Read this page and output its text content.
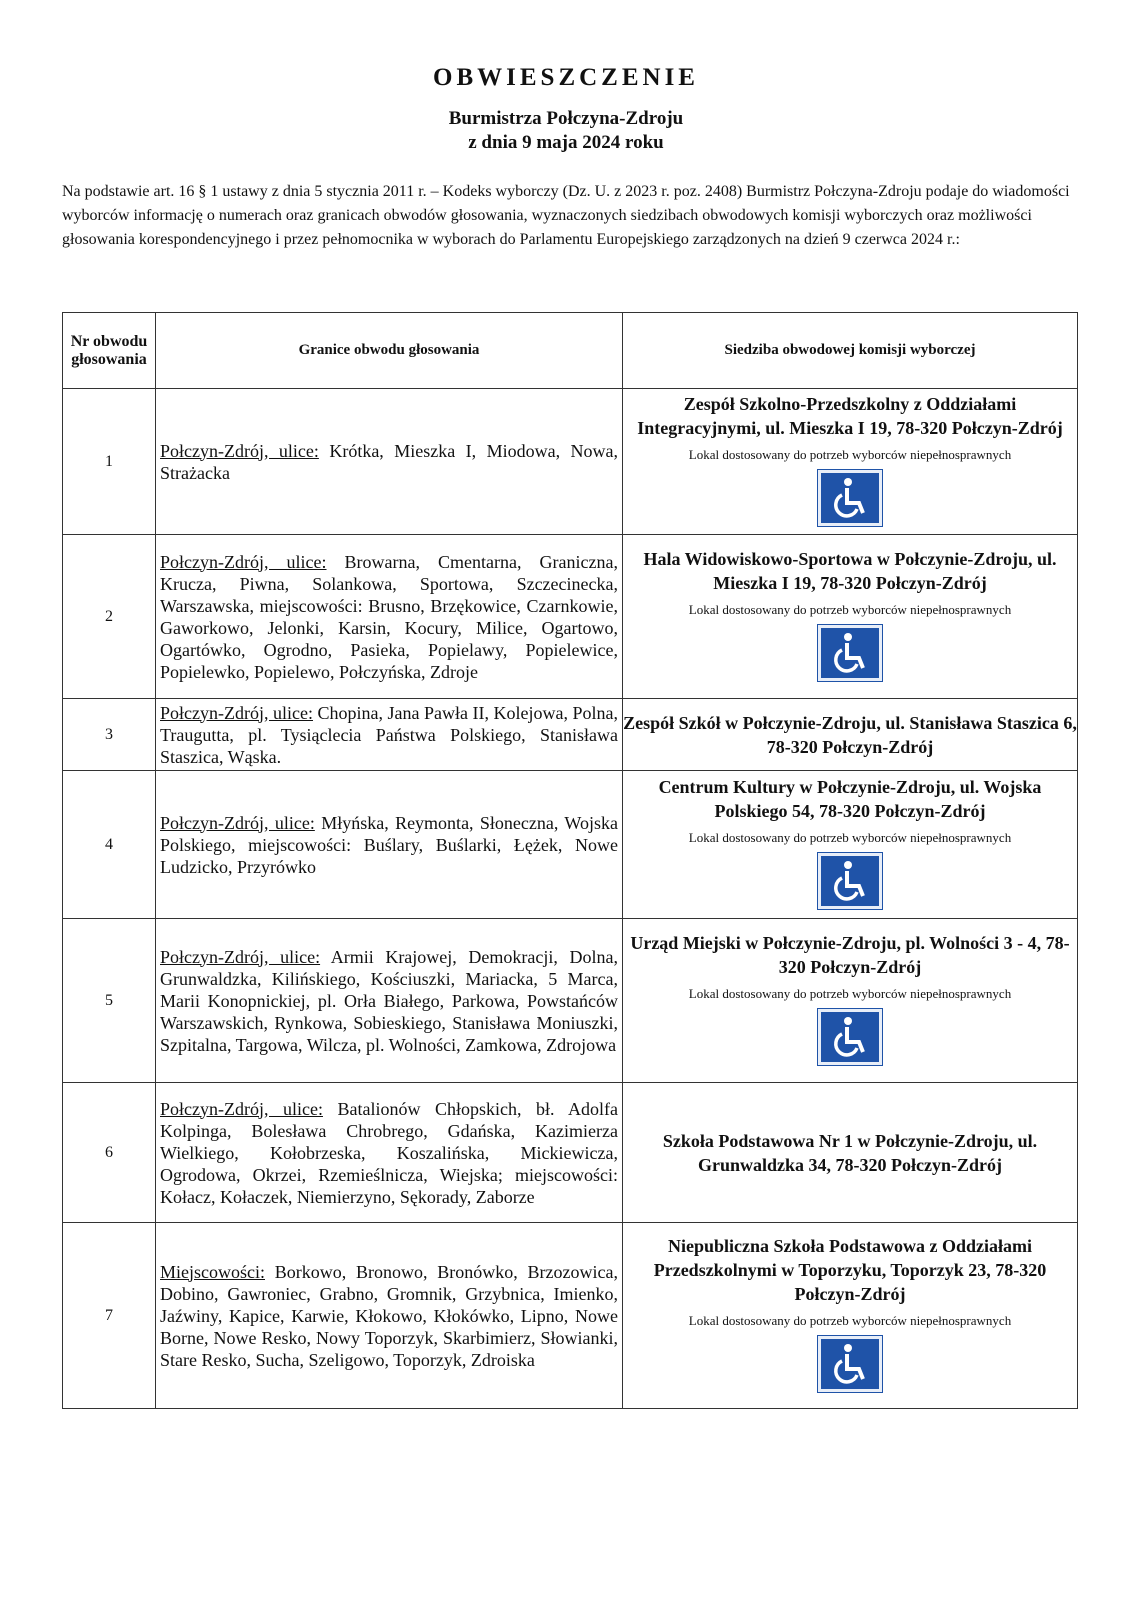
OBWIESZCZENIE
Burmistrza Połczyna-Zdroju
z dnia 9 maja 2024 roku
Na podstawie art. 16 § 1 ustawy z dnia 5 stycznia 2011 r. – Kodeks wyborczy (Dz. U. z 2023 r. poz. 2408) Burmistrz Połczyna-Zdroju podaje do wiadomości wyborców informację o numerach oraz granicach obwodów głosowania, wyznaczonych siedzibach obwodowych komisji wyborczych oraz możliwości głosowania korespondencyjnego i przez pełnomocnika w wyborach do Parlamentu Europejskiego zarządzonych na dzień 9 czerwca 2024 r.:
Nr obwodu głosowania	Granice obwodu głosowania	Siedziba obwodowej komisji wyborczej
1	Połczyn-Zdrój, ulice: Krótka, Mieszka I, Miodowa, Nowa, Strażacka	Zespół Szkolno-Przedszkolny z Oddziałami Integracyjnymi, ul. Mieszka I 19, 78-320 Połczyn-Zdrój
Lokal dostosowany do potrzeb wyborców niepełnosprawnych

2	Połczyn-Zdrój, ulice: Browarna, Cmentarna, Graniczna, Krucza, Piwna, Solankowa, Sportowa, Szczecinecka, Warszawska, miejscowości: Brusno, Brzękowice, Czarnkowie, Gaworkowo, Jelonki, Karsin, Kocury, Milice, Ogartowo, Ogartówko, Ogrodno, Pasieka, Popielawy, Popielewice, Popielewko, Popielewo, Połczyńska, Zdroje	Hala Widowiskowo-Sportowa w Połczynie-Zdroju, ul. Mieszka I 19, 78-320 Połczyn-Zdrój
Lokal dostosowany do potrzeb wyborców niepełnosprawnych

3	Połczyn-Zdrój, ulice: Chopina, Jana Pawła II, Kolejowa, Polna, Traugutta, pl. Tysiąclecia Państwa Polskiego, Stanisława Staszica, Wąska.	Zespół Szkół w Połczynie-Zdroju, ul. Stanisława Staszica 6, 78-320 Połczyn-Zdrój

4	Połczyn-Zdrój, ulice: Młyńska, Reymonta, Słoneczna, Wojska Polskiego, miejscowości: Buślary, Buślarki, Łężek, Nowe Ludzicko, Przyrówko	Centrum Kultury w Połczynie-Zdroju, ul. Wojska Polskiego 54, 78-320 Połczyn-Zdrój
Lokal dostosowany do potrzeb wyborców niepełnosprawnych

5	Połczyn-Zdrój, ulice: Armii Krajowej, Demokracji, Dolna, Grunwaldzka, Kilińskiego, Kościuszki, Mariacka, 5 Marca, Marii Konopnickiej, pl. Orła Białego, Parkowa, Powstańców Warszawskich, Rynkowa, Sobieskiego, Stanisława Moniuszki, Szpitalna, Targowa, Wilcza, pl. Wolności, Zamkowa, Zdrojowa	Urząd Miejski w Połczynie-Zdroju, pl. Wolności 3 - 4, 78-320 Połczyn-Zdrój
Lokal dostosowany do potrzeb wyborców niepełnosprawnych

6	Połczyn-Zdrój, ulice: Batalionów Chłopskich, bł. Adolfa Kolpinga, Bolesława Chrobrego, Gdańska, Kazimierza Wielkiego, Kołobrzeska, Koszalińska, Mickiewicza, Ogrodowa, Okrzei, Rzemieślnicza, Wiejska; miejscowości: Kołacz, Kołaczek, Niemierzyno, Sękorady, Zaborze	Szkoła Podstawowa Nr 1 w Połczynie-Zdroju, ul. Grunwaldzka 34, 78-320 Połczyn-Zdrój

7	Miejscowości: Borkowo, Bronowo, Bronówko, Brzozowica, Dobino, Gawroniec, Grabno, Gromnik, Grzybnica, Imienko, Jaźwiny, Kapice, Karwie, Kłokowo, Kłokówko, Lipno, Nowe Borne, Nowe Resko, Nowy Toporzyk, Skarbimierz, Słowianki, Stare Resko, Sucha, Szeligowo, Toporzyk, Zdroiska	Niepubliczna Szkoła Podstawowa z Oddziałami Przedszkolnymi w Toporzyku, Toporzyk 23, 78-320 Połczyn-Zdrój
Lokal dostosowany do potrzeb wyborców niepełnosprawnych
